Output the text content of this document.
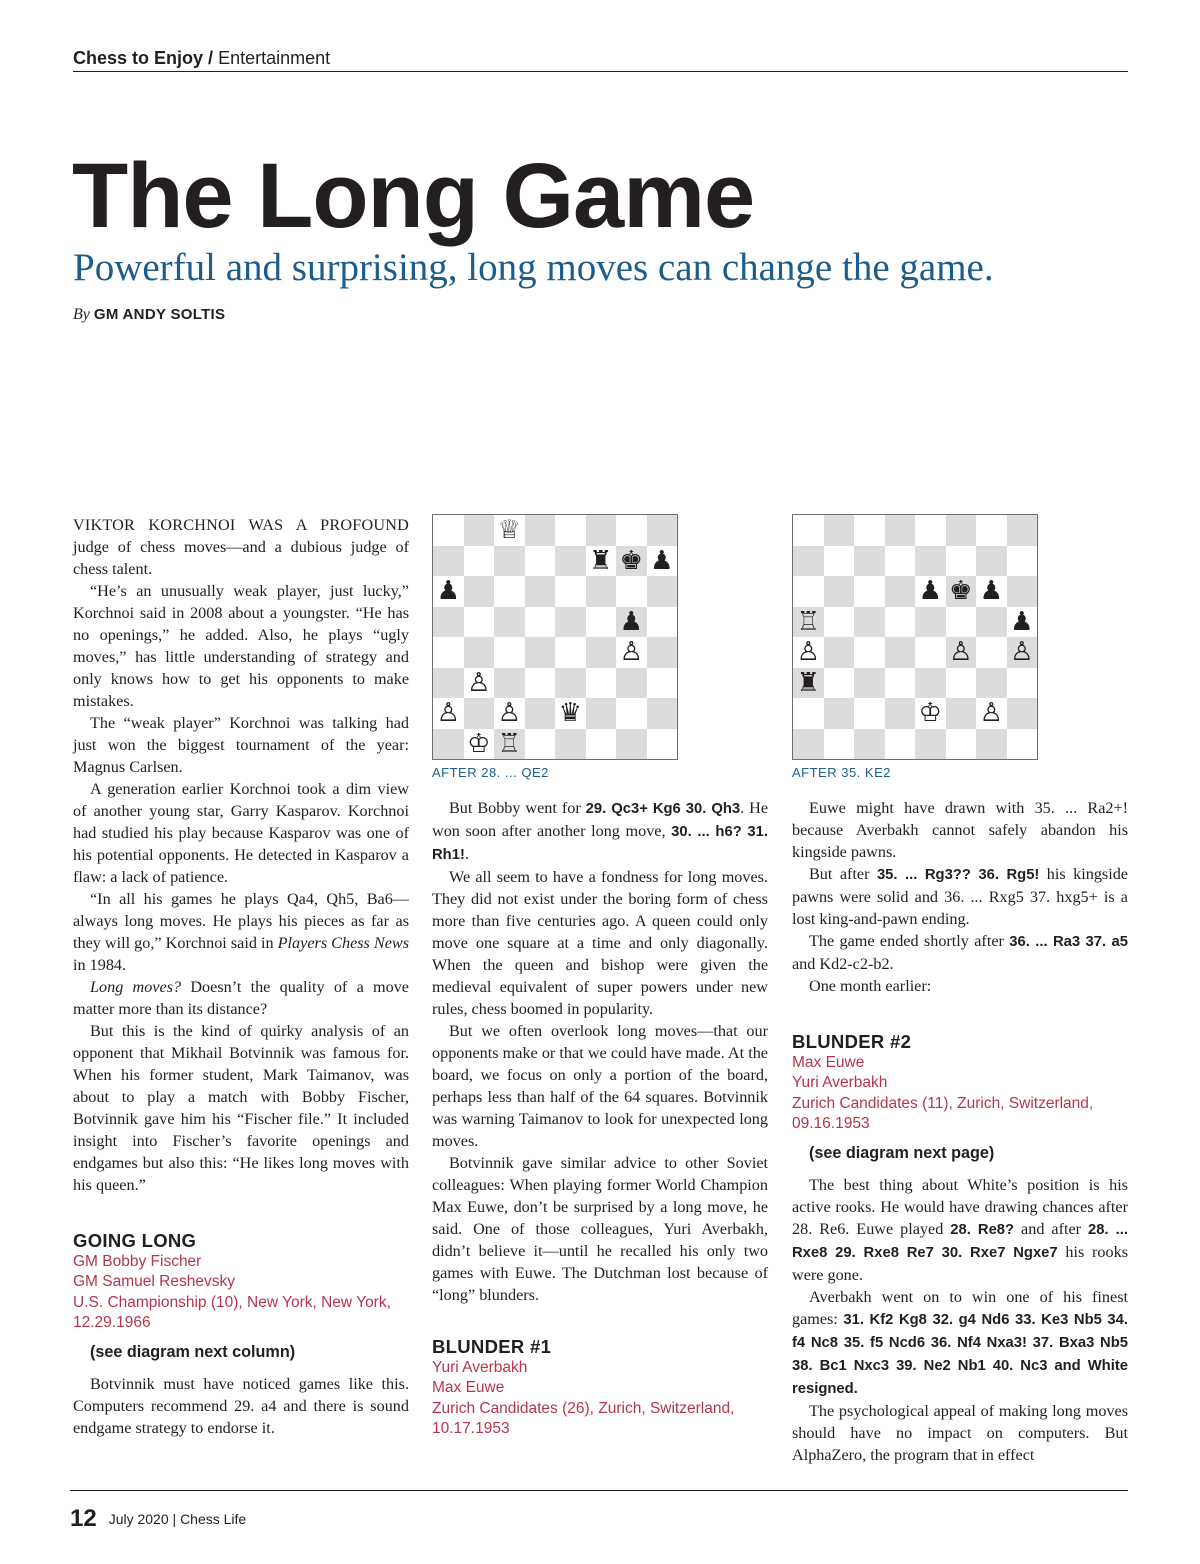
Chess to Enjoy / Entertainment
The Long Game
Powerful and surprising, long moves can change the game.
By GM ANDY SOLTIS

VIKTOR KORCHNOI WAS A PROFOUND judge of chess moves—and a dubious judge of chess talent.

“He’s an unusually weak player, just lucky,” Korchnoi said in 2008 about a youngster. “He has no openings,” he added. Also, he plays “ugly moves,” has little understanding of strategy and only knows how to get his opponents to make mistakes.

The “weak player” Korchnoi was talking had just won the biggest tournament of the year: Magnus Carlsen.

A generation earlier Korchnoi took a dim view of another young star, Garry Kasparov. Korchnoi had studied his play because Kasparov was one of his potential opponents. He detected in Kasparov a flaw: a lack of patience.

“In all his games he plays Qa4, Qh5, Ba6—always long moves. He plays his pieces as far as they will go,” Korchnoi said in Players Chess News in 1984.

Long moves? Doesn’t the quality of a move matter more than its distance?

But this is the kind of quirky analysis of an opponent that Mikhail Botvinnik was famous for. When his former student, Mark Taimanov, was about to play a match with Bobby Fischer, Botvinnik gave him his “Fischer file.” It included insight into Fischer’s favorite openings and endgames but also this: “He likes long moves with his queen.”

GOING LONG
GM Bobby Fischer
GM Samuel Reshevsky
U.S. Championship (10), New York, New York, 12.29.1966

(see diagram next column)

Botvinnik must have noticed games like this. Computers recommend 29. a4 and there is sound endgame strategy to endorse it.

♕
♜ ♚ ♟
♟
♟
♙
♙
♙ ♙ ♛
♔ ♖
AFTER 28. ... QE2

But Bobby went for 29. Qc3+ Kg6 30. Qh3. He won soon after another long move, 30. ... h6? 31. Rh1!.

We all seem to have a fondness for long moves. They did not exist under the boring form of chess more than five centuries ago. A queen could only move one square at a time and only diagonally. When the queen and bishop were given the medieval equivalent of super powers under new rules, chess boomed in popularity.

But we often overlook long moves—that our opponents make or that we could have made. At the board, we focus on only a portion of the board, perhaps less than half of the 64 squares. Botvinnik was warning Taimanov to look for unexpected long moves.

Botvinnik gave similar advice to other Soviet colleagues: When playing former World Champion Max Euwe, don’t be surprised by a long move, he said. One of those colleagues, Yuri Averbakh, didn’t believe it—until he recalled his only two games with Euwe. The Dutchman lost because of “long” blunders.

BLUNDER #1
Yuri Averbakh
Max Euwe
Zurich Candidates (26), Zurich, Switzerland, 10.17.1953
♟ ♚ ♟
♖	♟
♙	♙ ♙
♜
♔ ♙
AFTER 35. KE2

Euwe might have drawn with 35. ... Ra2+! because Averbakh cannot safely abandon his kingside pawns.

But after 35. ... Rg3?? 36. Rg5! his kingside pawns were solid and 36. ... Rxg5 37. hxg5+ is a lost king-and-pawn ending.

The game ended shortly after 36. ... Ra3 37. a5 and Kd2-c2-b2.

One month earlier:

BLUNDER #2
Max Euwe
Yuri Averbakh
Zurich Candidates (11), Zurich, Switzerland, 09.16.1953

(see diagram next page)

The best thing about White’s position is his active rooks. He would have drawing chances after 28. Re6. Euwe played 28. Re8? and after 28. ... Rxe8 29. Rxe8 Re7 30. Rxe7 Ngxe7 his rooks were gone.

Averbakh went on to win one of his finest games: 31. Kf2 Kg8 32. g4 Nd6 33. Ke3 Nb5 34. f4 Nc8 35. f5 Ncd6 36. Nf4 Nxa3! 37. Bxa3 Nb5 38. Bc1 Nxc3 39. Ne2 Nb1 40. Nc3 and White resigned.

The psychological appeal of making long moves should have no impact on computers. But AlphaZero, the program that in effect

12 July 2020 | Chess Life
